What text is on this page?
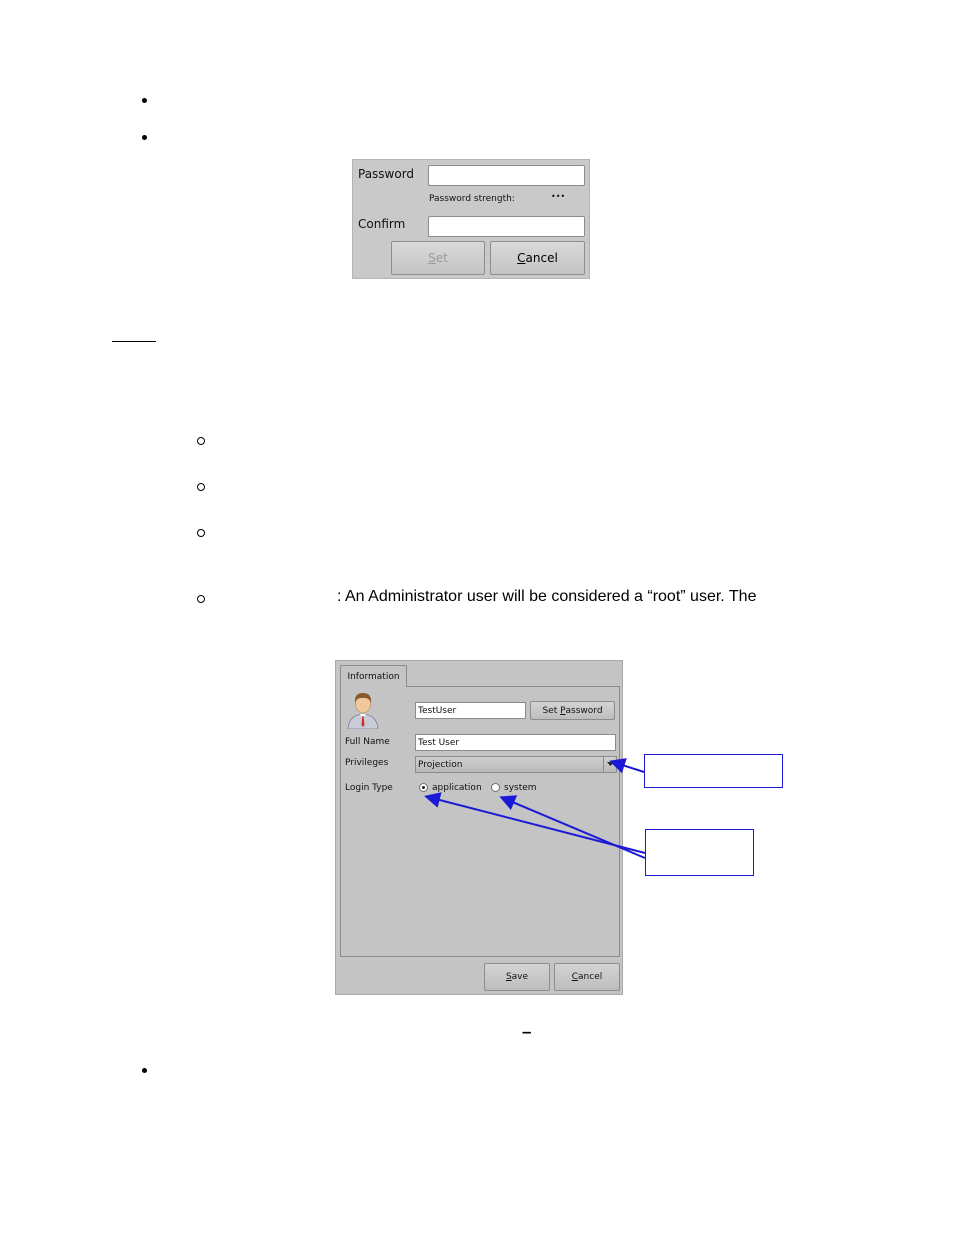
Password
Password strength:	•••
Confirm
S et	C ancel
: An Administrator user will be considered a “root” user. The
Information
TestUser	Set P assword
Full Name	Test User
Privileges	Projection
Login Type	application system
S ave	C ancel
–
